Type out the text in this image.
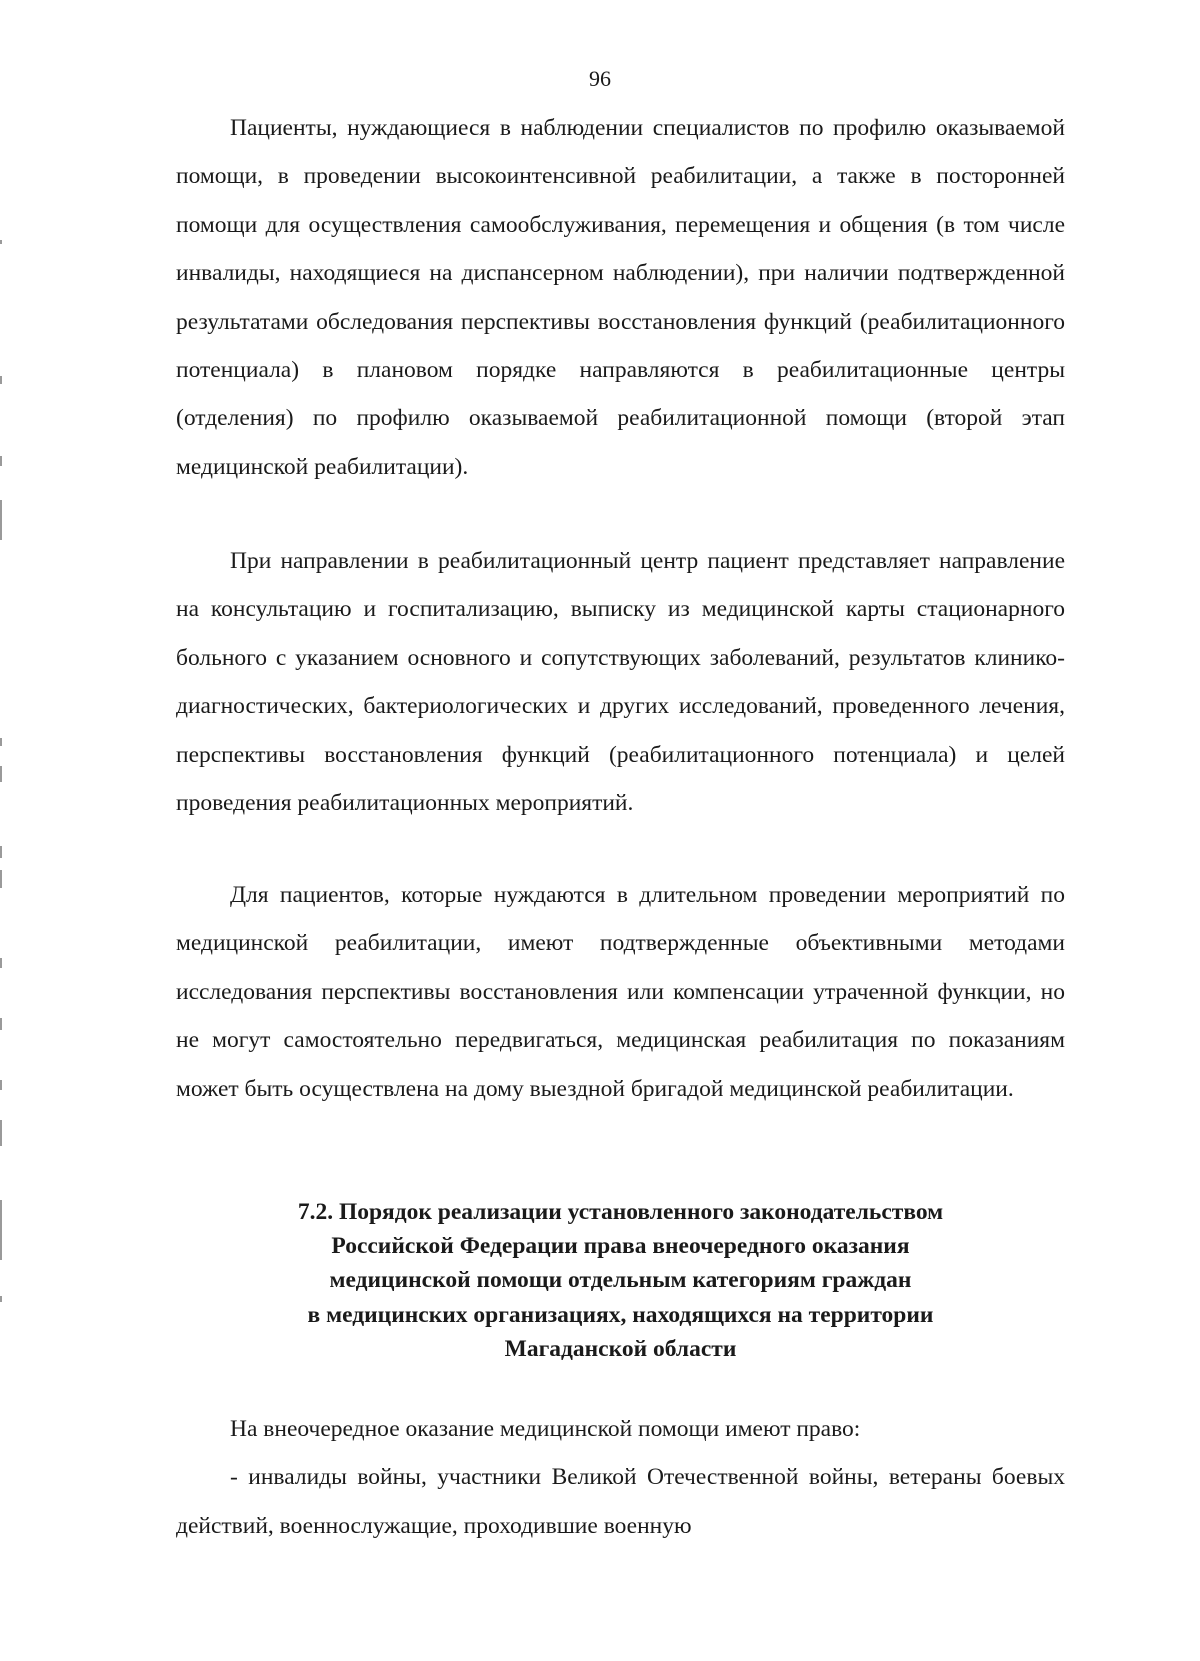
96

Пациенты, нуждающиеся в наблюдении специалистов по профилю оказываемой помощи, в проведении высокоинтенсивной реабилитации, а также в посторонней помощи для осуществления самообслуживания, перемещения и общения (в том числе инвалиды, находящиеся на диспансерном наблюдении), при наличии подтвержденной результатами обследования перспективы восстановления функций (реабилитационного потенциала) в плановом порядке направляются в реабилитационные центры (отделения) по профилю оказываемой реабилитационной помощи (второй этап медицинской реабилитации).

При направлении в реабилитационный центр пациент представляет направление на консультацию и госпитализацию, выписку из медицинской карты стационарного больного с указанием основного и сопутствующих заболеваний, результатов клинико-диагностических, бактериологических и других исследований, проведенного лечения, перспективы восстановления функций (реабилитационного потенциала) и целей проведения реабилитационных мероприятий.

Для пациентов, которые нуждаются в длительном проведении мероприятий по медицинской реабилитации, имеют подтвержденные объективными методами исследования перспективы восстановления или компенсации утраченной функции, но не могут самостоятельно передвигаться, медицинская реабилитация по показаниям может быть осуществлена на дому выездной бригадой медицинской реабилитации.

7.2. Порядок реализации установленного законодательством
Российской Федерации права внеочередного оказания
медицинской помощи отдельным категориям граждан
в медицинских организациях, находящихся на территории
Магаданской области

На внеочередное оказание медицинской помощи имеют право:

- инвалиды войны, участники Великой Отечественной войны, ветераны боевых действий, военнослужащие, проходившие военную
